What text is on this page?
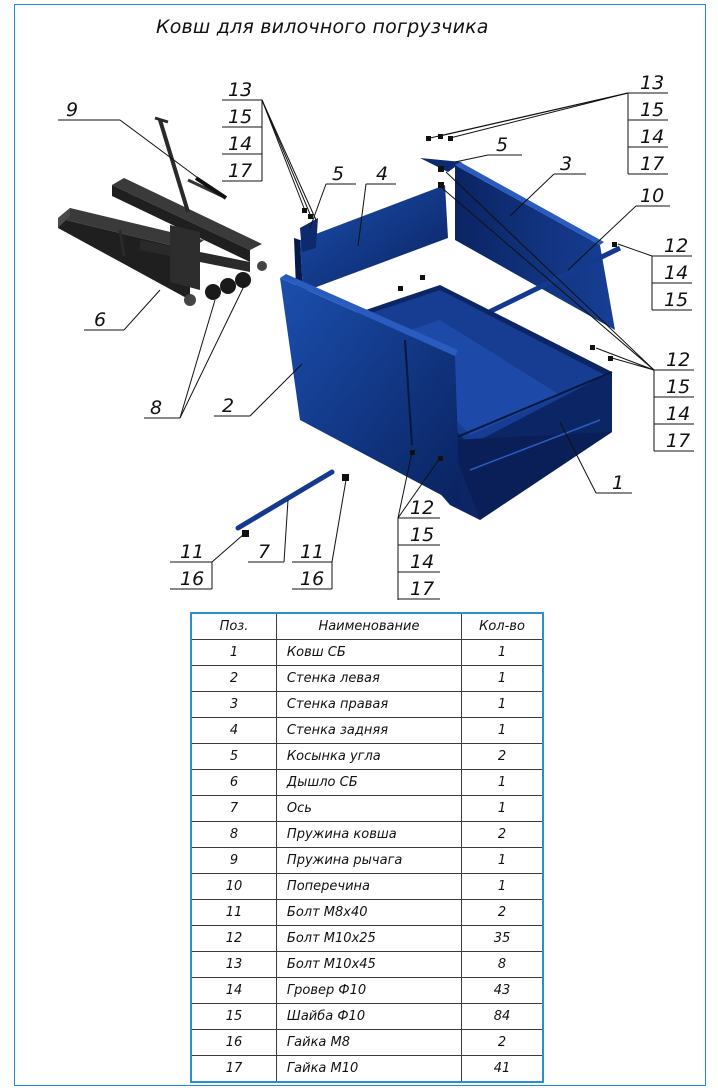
Ковш для вилочного погрузчика
13
15
14
17
13
15
14
17
9
5 4
5
3
10
12
14
15
6
12
15
14
17
8	2
1
12
15
14
17
11
16
7 11
16
Поз.	Наименование	Кол-во
1	Ковш СБ	1
2	Стенка левая	1
3	Стенка правая	1
4	Стенка задняя	1
5	Косынка угла	2
6	Дышло СБ	1
7	Ось	1
8	Пружина ковша	2
9	Пружина рычага	1
10	Поперечина	1
11	Болт М8х40	2
12	Болт М10х25	35
13	Болт М10х45	8
14	Гровер Ф10	43
15	Шайба Ф10	84
16	Гайка М8	2
17	Гайка М10	41
